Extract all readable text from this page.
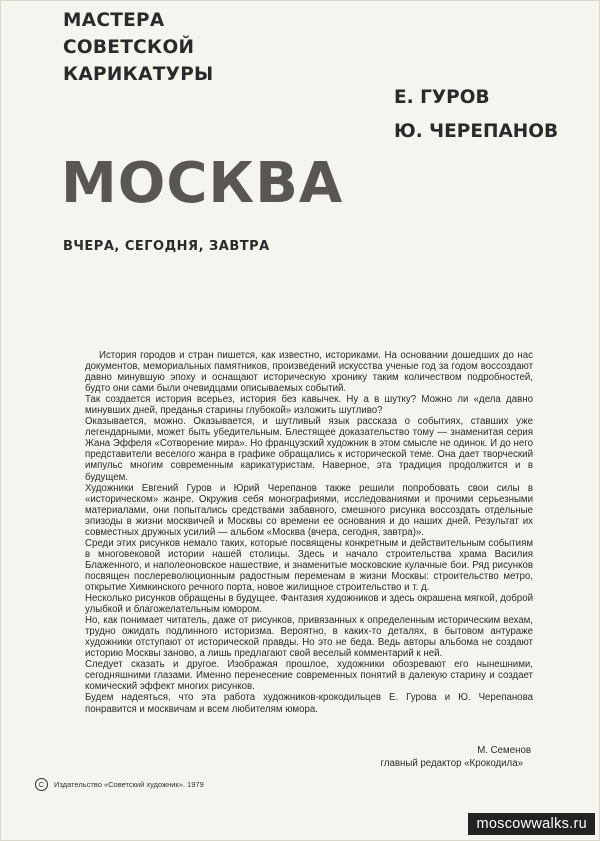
МАСТЕРА
СОВЕТСКОЙ
КАРИКАТУРЫ
Е. ГУРОВ
Ю. ЧЕРЕПАНОВ
МОСКВА
ВЧЕРА, СЕГОДНЯ, ЗАВТРА

История городов и стран пишется, как известно, историками. На основании дошедших до нас документов, мемориальных памятников, произведений искусства ученые год за годом воссоздают давно минувшую эпоху и оснащают историческую хронику таким количеством подробностей, будто они сами были очевидцами описываемых событий.

Так создается история всерьез, история без кавычек. Ну а в шутку? Можно ли «дела давно минувших дней, преданья старины глубокой» изложить шутливо?

Оказывается, можно. Оказывается, и шутливый язык рассказа о событиях, ставших уже легендарными, может быть убедительным. Блестящее доказательство тому — знаменитая серия Жана Эффеля «Сотворение мира». Но французский художник в этом смысле не одинок. И до него представители веселого жанра в графике обращались к исторической теме. Она дает творческий импульс многим современным карикатуристам. Наверное, эта традиция продолжится и в будущем.

Художники Евгений Гуров и Юрий Черепанов также решили попробовать свои силы в «историческом» жанре. Окружив себя монографиями, исследованиями и прочими серьезными материалами, они попытались средствами забавного, смешного рисунка воссоздать отдельные эпизоды в жизни москвичей и Москвы со времени ее основания и до наших дней. Результат их совместных дружных усилий — альбом «Москва (вчера, сегодня, завтра)».

Среди этих рисунков немало таких, которые посвящены конкретным и действительным событиям в многовековой истории нашей столицы. Здесь и начало строительства храма Василия Блаженного, и наполеоновское нашествие, и знаменитые московские кулачные бои. Ряд рисунков посвящен послереволюционным радостным переменам в жизни Москвы: строительство метро, открытие Химкинского речного порта, новое жилищное строительство и т. д.

Несколько рисунков обращены в будущее. Фантазия художников и здесь окрашена мягкой, доброй улыбкой и благожелательным юмором.

Но, как понимает читатель, даже от рисунков, привязанных к определенным историческим вехам, трудно ожидать подлинного историзма. Вероятно, в каких-то деталях, в бытовом антураже художники отступают от исторической правды. Но это не беда. Ведь авторы альбома не создают историю Москвы заново, а лишь предлагают свой веселый комментарий к ней.

Следует сказать и другое. Изображая прошлое, художники обозревают его нынешними, сегодняшними глазами. Именно перенесение современных понятий в далекую старину и создает комический эффект многих рисунков.

Будем надеяться, что эта работа художников-крокодильцев Е. Гурова и Ю. Черепанова понравится и москвичам и всем любителям юмора.

М. Семенов
главный редактор «Крокодила»
C	Издательство «Советский художник». 1979
moscowwalks.ru
